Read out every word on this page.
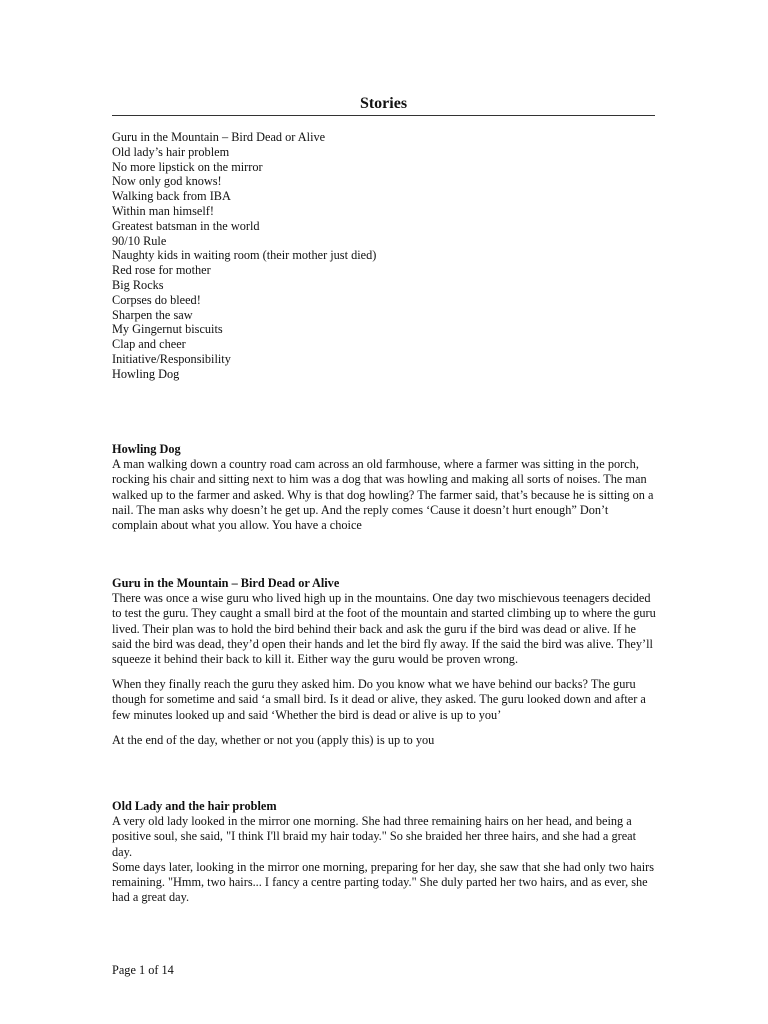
Stories
Guru in the Mountain – Bird Dead or Alive
Old lady’s hair problem
No more lipstick on the mirror
Now only god knows!
Walking back from IBA
Within man himself!
Greatest batsman in the world
90/10 Rule
Naughty kids in waiting room (their mother just died)
Red rose for mother
Big Rocks
Corpses do bleed!
Sharpen the saw
My Gingernut biscuits
Clap and cheer
Initiative/Responsibility
Howling Dog
Howling Dog

A man walking down a country road cam across an old farmhouse, where a farmer was sitting in the porch, rocking his chair and sitting next to him was a dog that was howling and making all sorts of noises. The man walked up to the farmer and asked. Why is that dog howling? The farmer said, that’s because he is sitting on a nail. The man asks why doesn’t he get up. And the reply comes ‘Cause it doesn’t hurt enough” Don’t complain about what you allow. You have a choice

Guru in the Mountain – Bird Dead or Alive

There was once a wise guru who lived high up in the mountains. One day two mischievous teenagers decided to test the guru. They caught a small bird at the foot of the mountain and started climbing up to where the guru lived. Their plan was to hold the bird behind their back and ask the guru if the bird was dead or alive. If he said the bird was dead, they’d open their hands and let the bird fly away. If the said the bird was alive. They’ll squeeze it behind their back to kill it. Either way the guru would be proven wrong.

When they finally reach the guru they asked him. Do you know what we have behind our backs? The guru though for sometime and said ‘a small bird. Is it dead or alive, they asked. The guru looked down and after a few minutes looked up and said ‘Whether the bird is dead or alive is up to you’

At the end of the day, whether or not you (apply this) is up to you

Old Lady and the hair problem

A very old lady looked in the mirror one morning. She had three remaining hairs on her head, and being a positive soul, she said, "I think I'll braid my hair today." So she braided her three hairs, and she had a great day.

Some days later, looking in the mirror one morning, preparing for her day, she saw that she had only two hairs remaining. "Hmm, two hairs... I fancy a centre parting today." She duly parted her two hairs, and as ever, she had a great day.

Page 1 of 14
